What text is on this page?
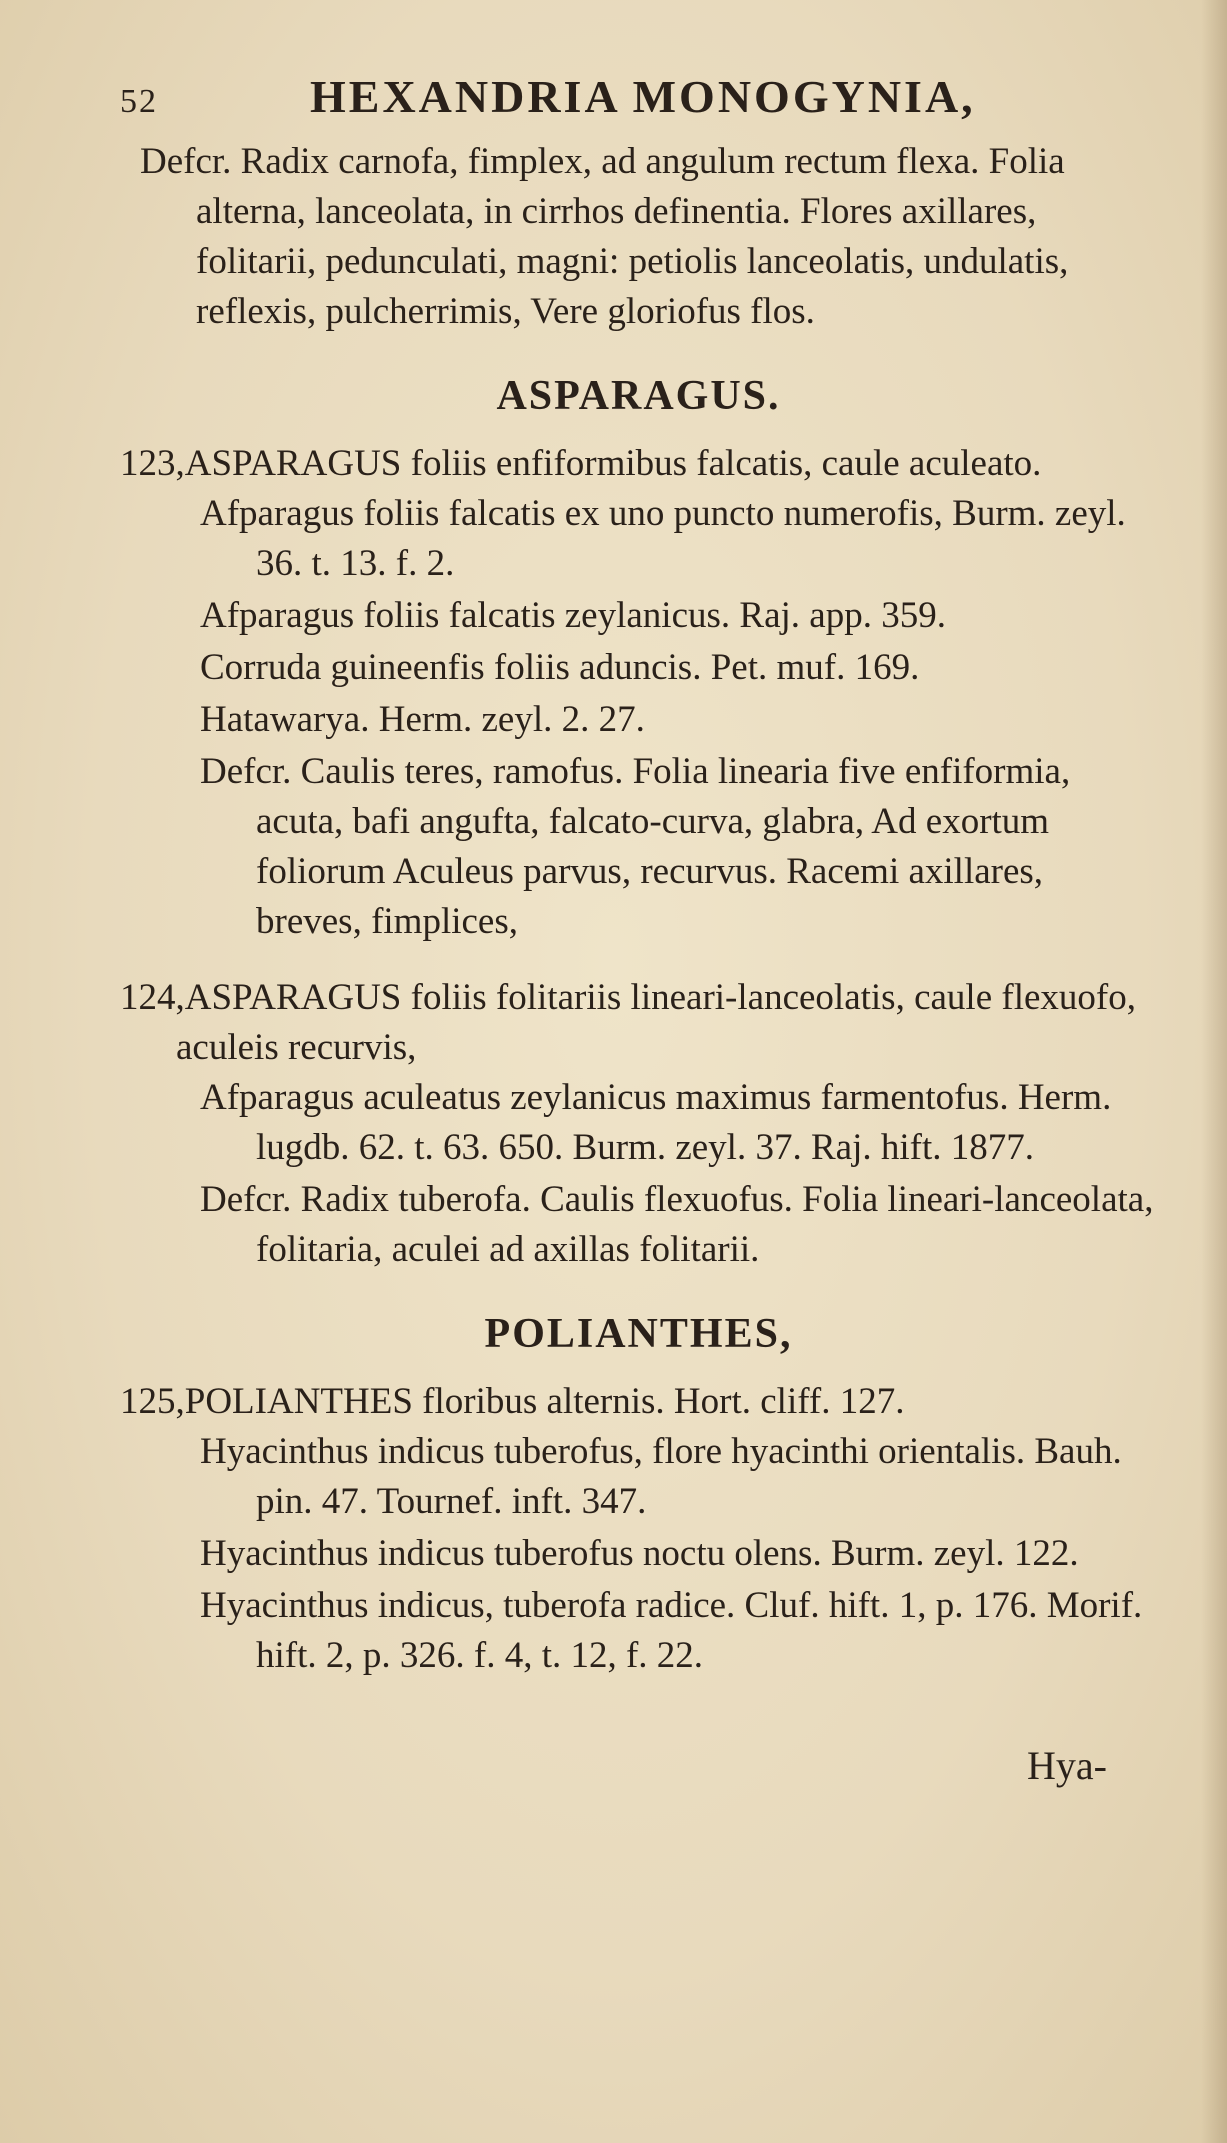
52	HEXANDRIA MONOGYNIA,

Defcr. Radix carnofa, fimplex, ad angulum rectum flexa. Folia alterna, lanceolata, in cirrhos definentia. Flores axillares, folitarii, pedunculati, magni: petiolis lanceolatis, undulatis, reflexis, pulcherrimis, Vere gloriofus flos.

ASPARAGUS.
123,ASPARAGUS foliis enfiformibus falcatis, caule aculeato.

Afparagus foliis falcatis ex uno puncto numerofis, Burm. zeyl. 36. t. 13. f. 2.

Afparagus foliis falcatis zeylanicus. Raj. app. 359.

Corruda guineenfis foliis aduncis. Pet. muf. 169.

Hatawarya. Herm. zeyl. 2. 27.

Defcr. Caulis teres, ramofus. Folia linearia five enfiformia, acuta, bafi angufta, falcato-curva, glabra, Ad exortum foliorum Aculeus parvus, recurvus. Racemi axillares, breves, fimplices,

124,ASPARAGUS foliis folitariis lineari-lanceolatis, caule flexuofo, aculeis recurvis,

Afparagus aculeatus zeylanicus maximus farmentofus. Herm. lugdb. 62. t. 63. 650. Burm. zeyl. 37. Raj. hift. 1877.

Defcr. Radix tuberofa. Caulis flexuofus. Folia lineari-lanceolata, folitaria, aculei ad axillas folitarii.

POLIANTHES,
125,POLIANTHES floribus alternis. Hort. cliff. 127.

Hyacinthus indicus tuberofus, flore hyacinthi orientalis. Bauh. pin. 47. Tournef. inft. 347.

Hyacinthus indicus tuberofus noctu olens. Burm. zeyl. 122.

Hyacinthus indicus, tuberofa radice. Cluf. hift. 1, p. 176. Morif. hift. 2, p. 326. f. 4, t. 12, f. 22.

Hya-
